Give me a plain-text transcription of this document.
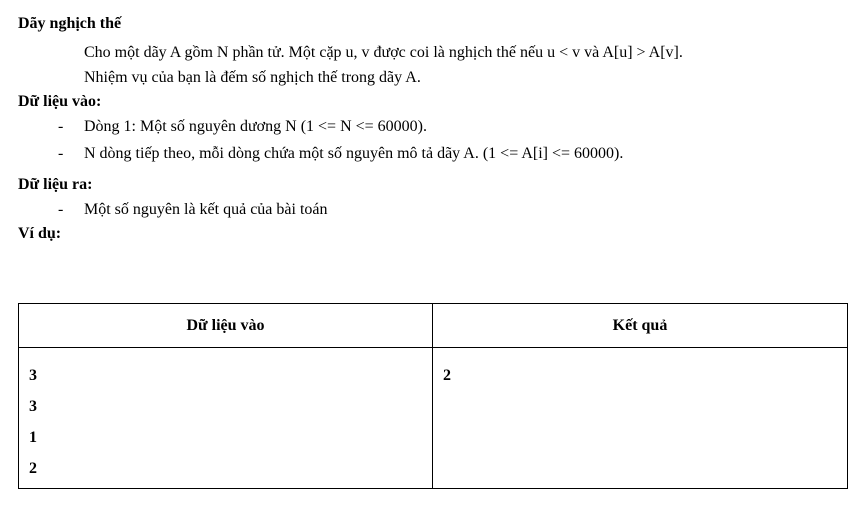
Dãy nghịch thế

Cho một dãy A gồm N phần tử. Một cặp u, v được coi là nghịch thế nếu u < v và A[u] > A[v].

Nhiệm vụ của bạn là đếm số nghịch thế trong dãy A.

Dữ liệu vào:
- Dòng 1: Một số nguyên dương N (1 <= N <= 60000).
- N dòng tiếp theo, mỗi dòng chứa một số nguyên mô tả dãy A. (1 <= A[i] <= 60000).
Dữ liệu ra:
- Một số nguyên là kết quả của bài toán
Ví dụ:
Dữ liệu vào	Kết quả
3
3
1
2
2
